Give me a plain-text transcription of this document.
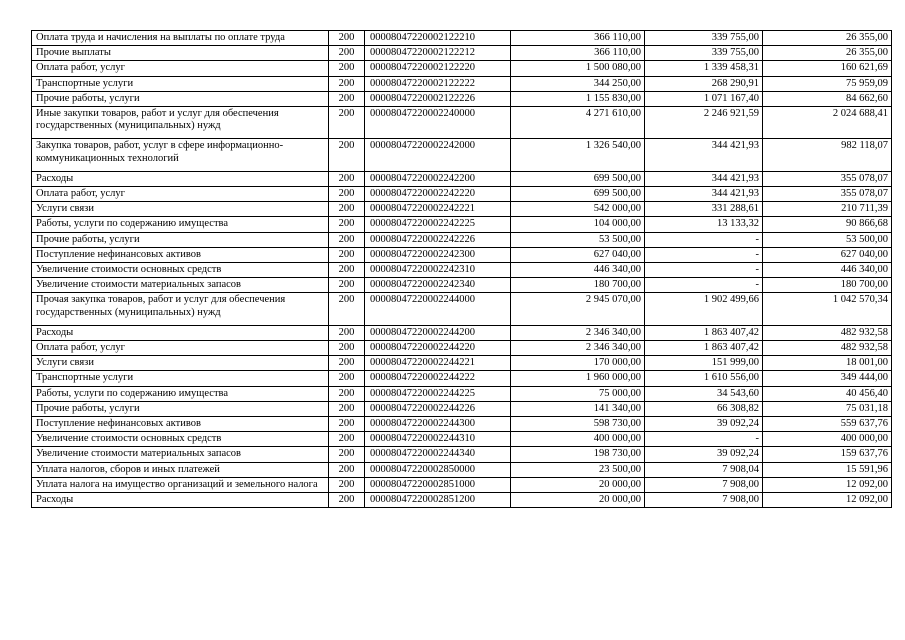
Оплата труда и начисления на выплаты по оплате труда	200	00008047220002122210	366 110,00	339 755,00	26 355,00
Прочие выплаты	200	00008047220002122212	366 110,00	339 755,00	26 355,00
Оплата работ, услуг	200	00008047220002122220	1 500 080,00	1 339 458,31	160 621,69
Транспортные услуги	200	00008047220002122222	344 250,00	268 290,91	75 959,09
Прочие работы, услуги	200	00008047220002122226	1 155 830,00	1 071 167,40	84 662,60
Иные закупки товаров, работ и услуг для обеспечения государственных (муниципальных) нужд	200	00008047220002240000	4 271 610,00	2 246 921,59	2 024 688,41
Закупка товаров, работ, услуг в сфере информационно-коммуникационных технологий	200	00008047220002242000	1 326 540,00	344 421,93	982 118,07
Расходы	200	00008047220002242200	699 500,00	344 421,93	355 078,07
Оплата работ, услуг	200	00008047220002242220	699 500,00	344 421,93	355 078,07
Услуги связи	200	00008047220002242221	542 000,00	331 288,61	210 711,39
Работы, услуги по содержанию имущества	200	00008047220002242225	104 000,00	13 133,32	90 866,68
Прочие работы, услуги	200	00008047220002242226	53 500,00	-	53 500,00
Поступление нефинансовых активов	200	00008047220002242300	627 040,00	-	627 040,00
Увеличение стоимости основных средств	200	00008047220002242310	446 340,00	-	446 340,00
Увеличение стоимости материальных запасов	200	00008047220002242340	180 700,00	-	180 700,00
Прочая закупка товаров, работ и услуг для обеспечения государственных (муниципальных) нужд	200	00008047220002244000	2 945 070,00	1 902 499,66	1 042 570,34
Расходы	200	00008047220002244200	2 346 340,00	1 863 407,42	482 932,58
Оплата работ, услуг	200	00008047220002244220	2 346 340,00	1 863 407,42	482 932,58
Услуги связи	200	00008047220002244221	170 000,00	151 999,00	18 001,00
Транспортные услуги	200	00008047220002244222	1 960 000,00	1 610 556,00	349 444,00
Работы, услуги по содержанию имущества	200	00008047220002244225	75 000,00	34 543,60	40 456,40
Прочие работы, услуги	200	00008047220002244226	141 340,00	66 308,82	75 031,18
Поступление нефинансовых активов	200	00008047220002244300	598 730,00	39 092,24	559 637,76
Увеличение стоимости основных средств	200	00008047220002244310	400 000,00	-	400 000,00
Увеличение стоимости материальных запасов	200	00008047220002244340	198 730,00	39 092,24	159 637,76
Уплата налогов, сборов и иных платежей	200	00008047220002850000	23 500,00	7 908,04	15 591,96
Уплата налога на имущество организаций и земельного налога	200	00008047220002851000	20 000,00	7 908,00	12 092,00
Расходы	200	00008047220002851200	20 000,00	7 908,00	12 092,00
